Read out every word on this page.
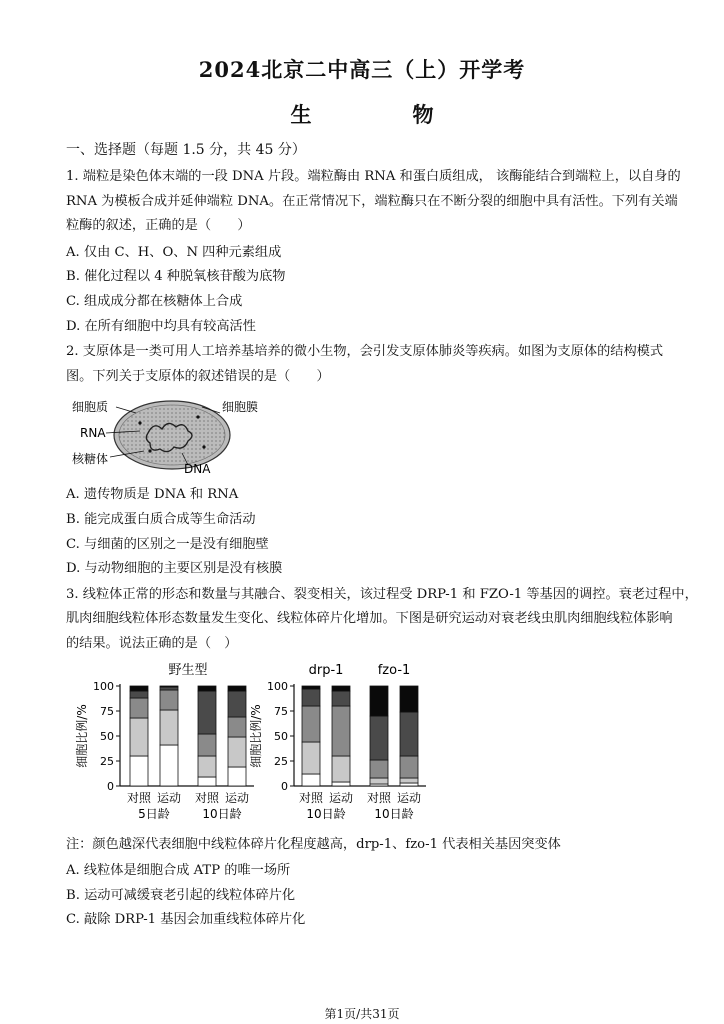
2024北京二中高三（上）开学考
生　物
一、选择题（每题 1.5 分，共 45 分）
1. 端粒是染色体末端的一段 DNA 片段。端粒酶由 RNA 和蛋白质组成， 该酶能结合到端粒上，以自身的
RNA 为模板合成并延伸端粒 DNA。在正常情况下，端粒酶只在不断分裂的细胞中具有活性。下列有关端
粒酶的叙述，正确的是（　　）
A. 仅由 C、H、O、N 四种元素组成
B. 催化过程以 4 种脱氧核苷酸为底物
C. 组成成分都在核糖体上合成
D. 在所有细胞中均具有较高活性
2. 支原体是一类可用人工培养基培养的微小生物，会引发支原体肺炎等疾病。如图为支原体的结构模式
图。下列关于支原体的叙述错误的是（　　）
细胞质	细胞膜
RNA
核糖体
DNA
A. 遗传物质是 DNA 和 RNA
B. 能完成蛋白质合成等生命活动
C. 与细菌的区别之一是没有细胞壁
D. 与动物细胞的主要区别是没有核膜
3. 线粒体正常的形态和数量与其融合、裂变相关，该过程受 DRP-1 和 FZO-1 等基因的调控。衰老过程中，
肌肉细胞线粒体形态数量发生变化、线粒体碎片化增加。下图是研究运动对衰老线虫肌肉细胞线粒体影响
的结果。说法正确的是（　）
细胞比例/%
0
25
50
75
100
对照 运动 对照 运动
5日龄	10日龄
野生型
细胞比例/%
0
25
50
75
100
对照 运动 对照 运动
10日龄 10日龄
drp-1	fzo-1
注：颜色越深代表细胞中线粒体碎片化程度越高，drp-1、fzo-1 代表相关基因突变体
A. 线粒体是细胞合成 ATP 的唯一场所
B. 运动可减缓衰老引起的线粒体碎片化
C. 敲除 DRP-1 基因会加重线粒体碎片化
第1页/共31页
